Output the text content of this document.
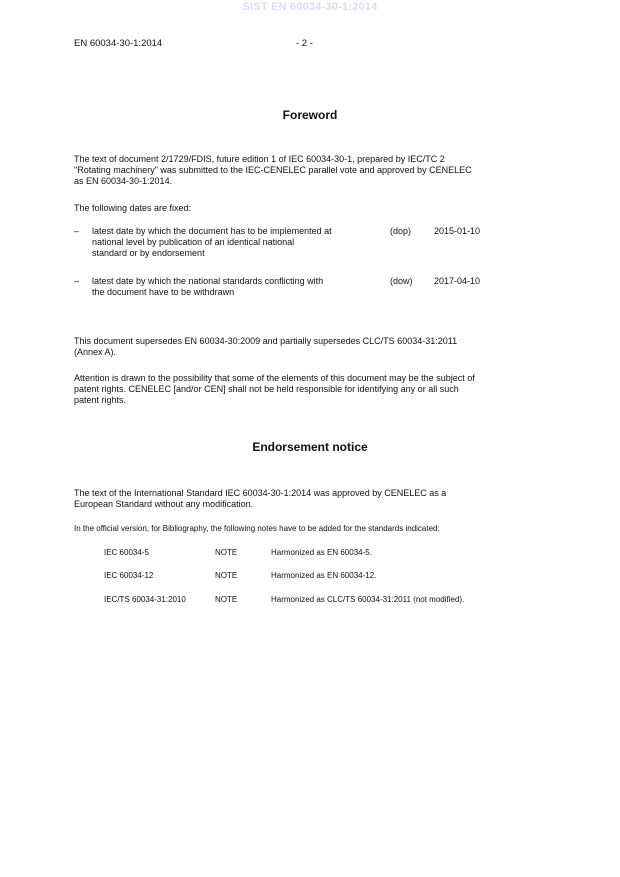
SIST EN 60034-30-1:2014
EN 60034-30-1:2014	- 2 -
Foreword
The text of document 2/1729/FDIS, future edition 1 of IEC 60034-30-1, prepared by IEC/TC 2
"Rotating machinery" was submitted to the IEC-CENELEC parallel vote and approved by CENELEC
as EN 60034-30-1:2014.
The following dates are fixed:
– latest date by which the document has to be implemented at
national level by publication of an identical national
standard or by endorsement
(dop)	2015-01-10
– latest date by which the national standards conflicting with
the document have to be withdrawn
(dow) 2017-04-10
This document supersedes EN 60034-30:2009 and partially supersedes CLC/TS 60034-31:2011
(Annex A).
Attention is drawn to the possibility that some of the elements of this document may be the subject of
patent rights. CENELEC [and/or CEN] shall not be held responsible for identifying any or all such
patent rights.
Endorsement notice
The text of the International Standard IEC 60034-30-1:2014 was approved by CENELEC as a
European Standard without any modification.
In the official version, for Bibliography, the following notes have to be added for the standards indicated:
IEC 60034-5	NOTE	Harmonized as EN 60034-5.
IEC 60034-12	NOTE	Harmonized as EN 60034-12.
IEC/TS 60034-31:2010	NOTE	Harmonized as CLC/TS 60034-31:2011 (not modified).
